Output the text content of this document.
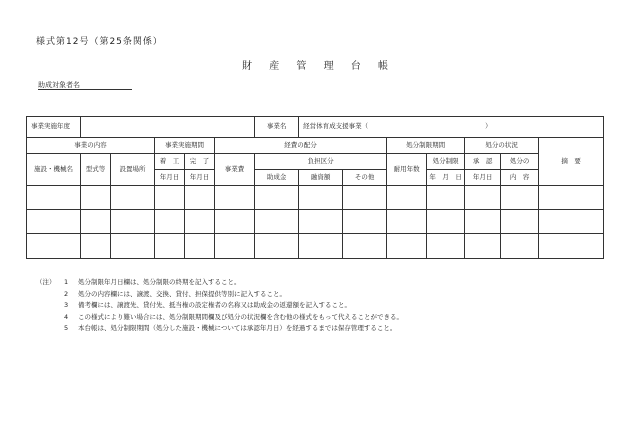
様式第12号（第25条関係）
財 産 管 理 台 帳
助成対象者名
事業実施年度						事業名	経営体育成支援事業（　　　　　　　　　　　　　　　　　　）						
事業の内容			事業実施期間		経費の配分				処分制限期間		処分の状況		摘　要
施設・機械名	型式等	設置場所	着　工	完　了	事業費	負担区分			耐用年数	処分制限	承　認	処分の	
			年月日	年月日		助成金	融資額	その他		年　月　日	年月日	内　容	

（注）	1	処分制限年月日欄は、処分制限の終期を記入すること。
2	処分の内容欄には、譲渡、交換、貸付、担保提供等別に記入すること。
3	備考欄には、譲渡先、貸付先、抵当権の設定権者の名称又は助成金の返還額を記入すること。
4	この様式により難い場合には、処分制限期間欄及び処分の状況欄を含む他の様式をもって代えることができる。
5	本台帳は、処分制限期間（処分した施設・機械については承認年月日）を経過するまでは保存管理すること。
